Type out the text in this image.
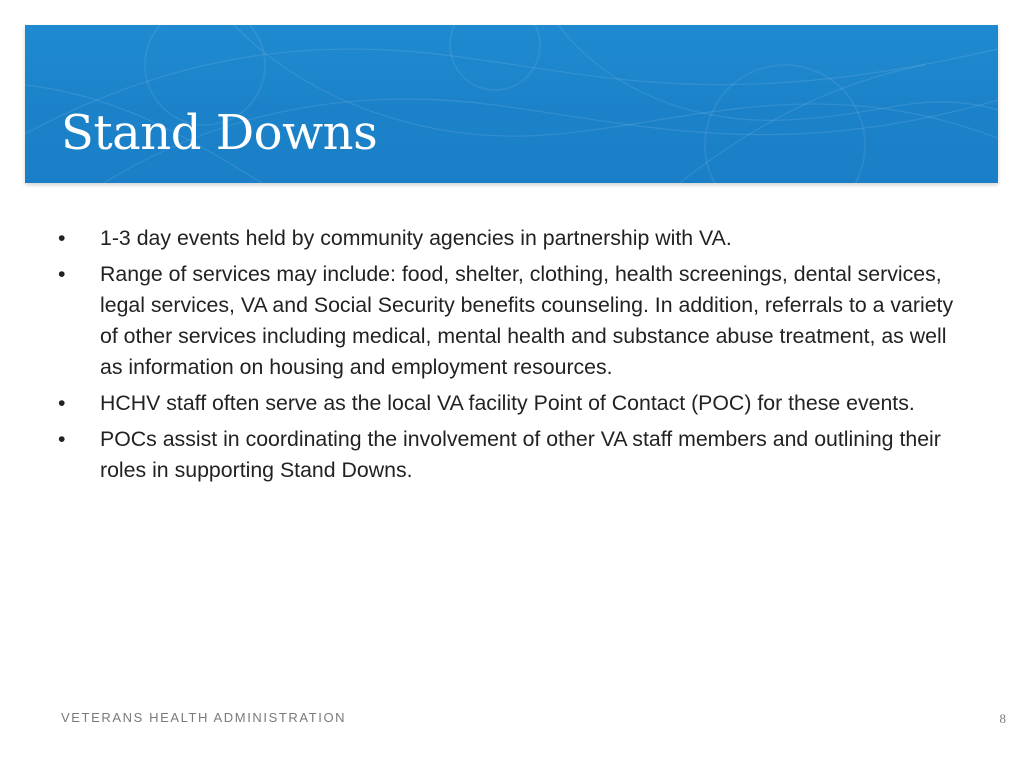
Stand Downs
•	1-3 day events held by community agencies in partnership with VA.
•	Range of services may include: food, shelter, clothing, health screenings, dental services, legal services, VA and Social Security benefits counseling. In addition, referrals to a variety of other services including medical, mental health and substance abuse treatment, as well as information on housing and employment resources.
•	HCHV staff often serve as the local VA facility Point of Contact (POC) for these events.
•	POCs assist in coordinating the involvement of other VA staff members and outlining their roles in supporting Stand Downs.
VETERANS HEALTH ADMINISTRATION	8
